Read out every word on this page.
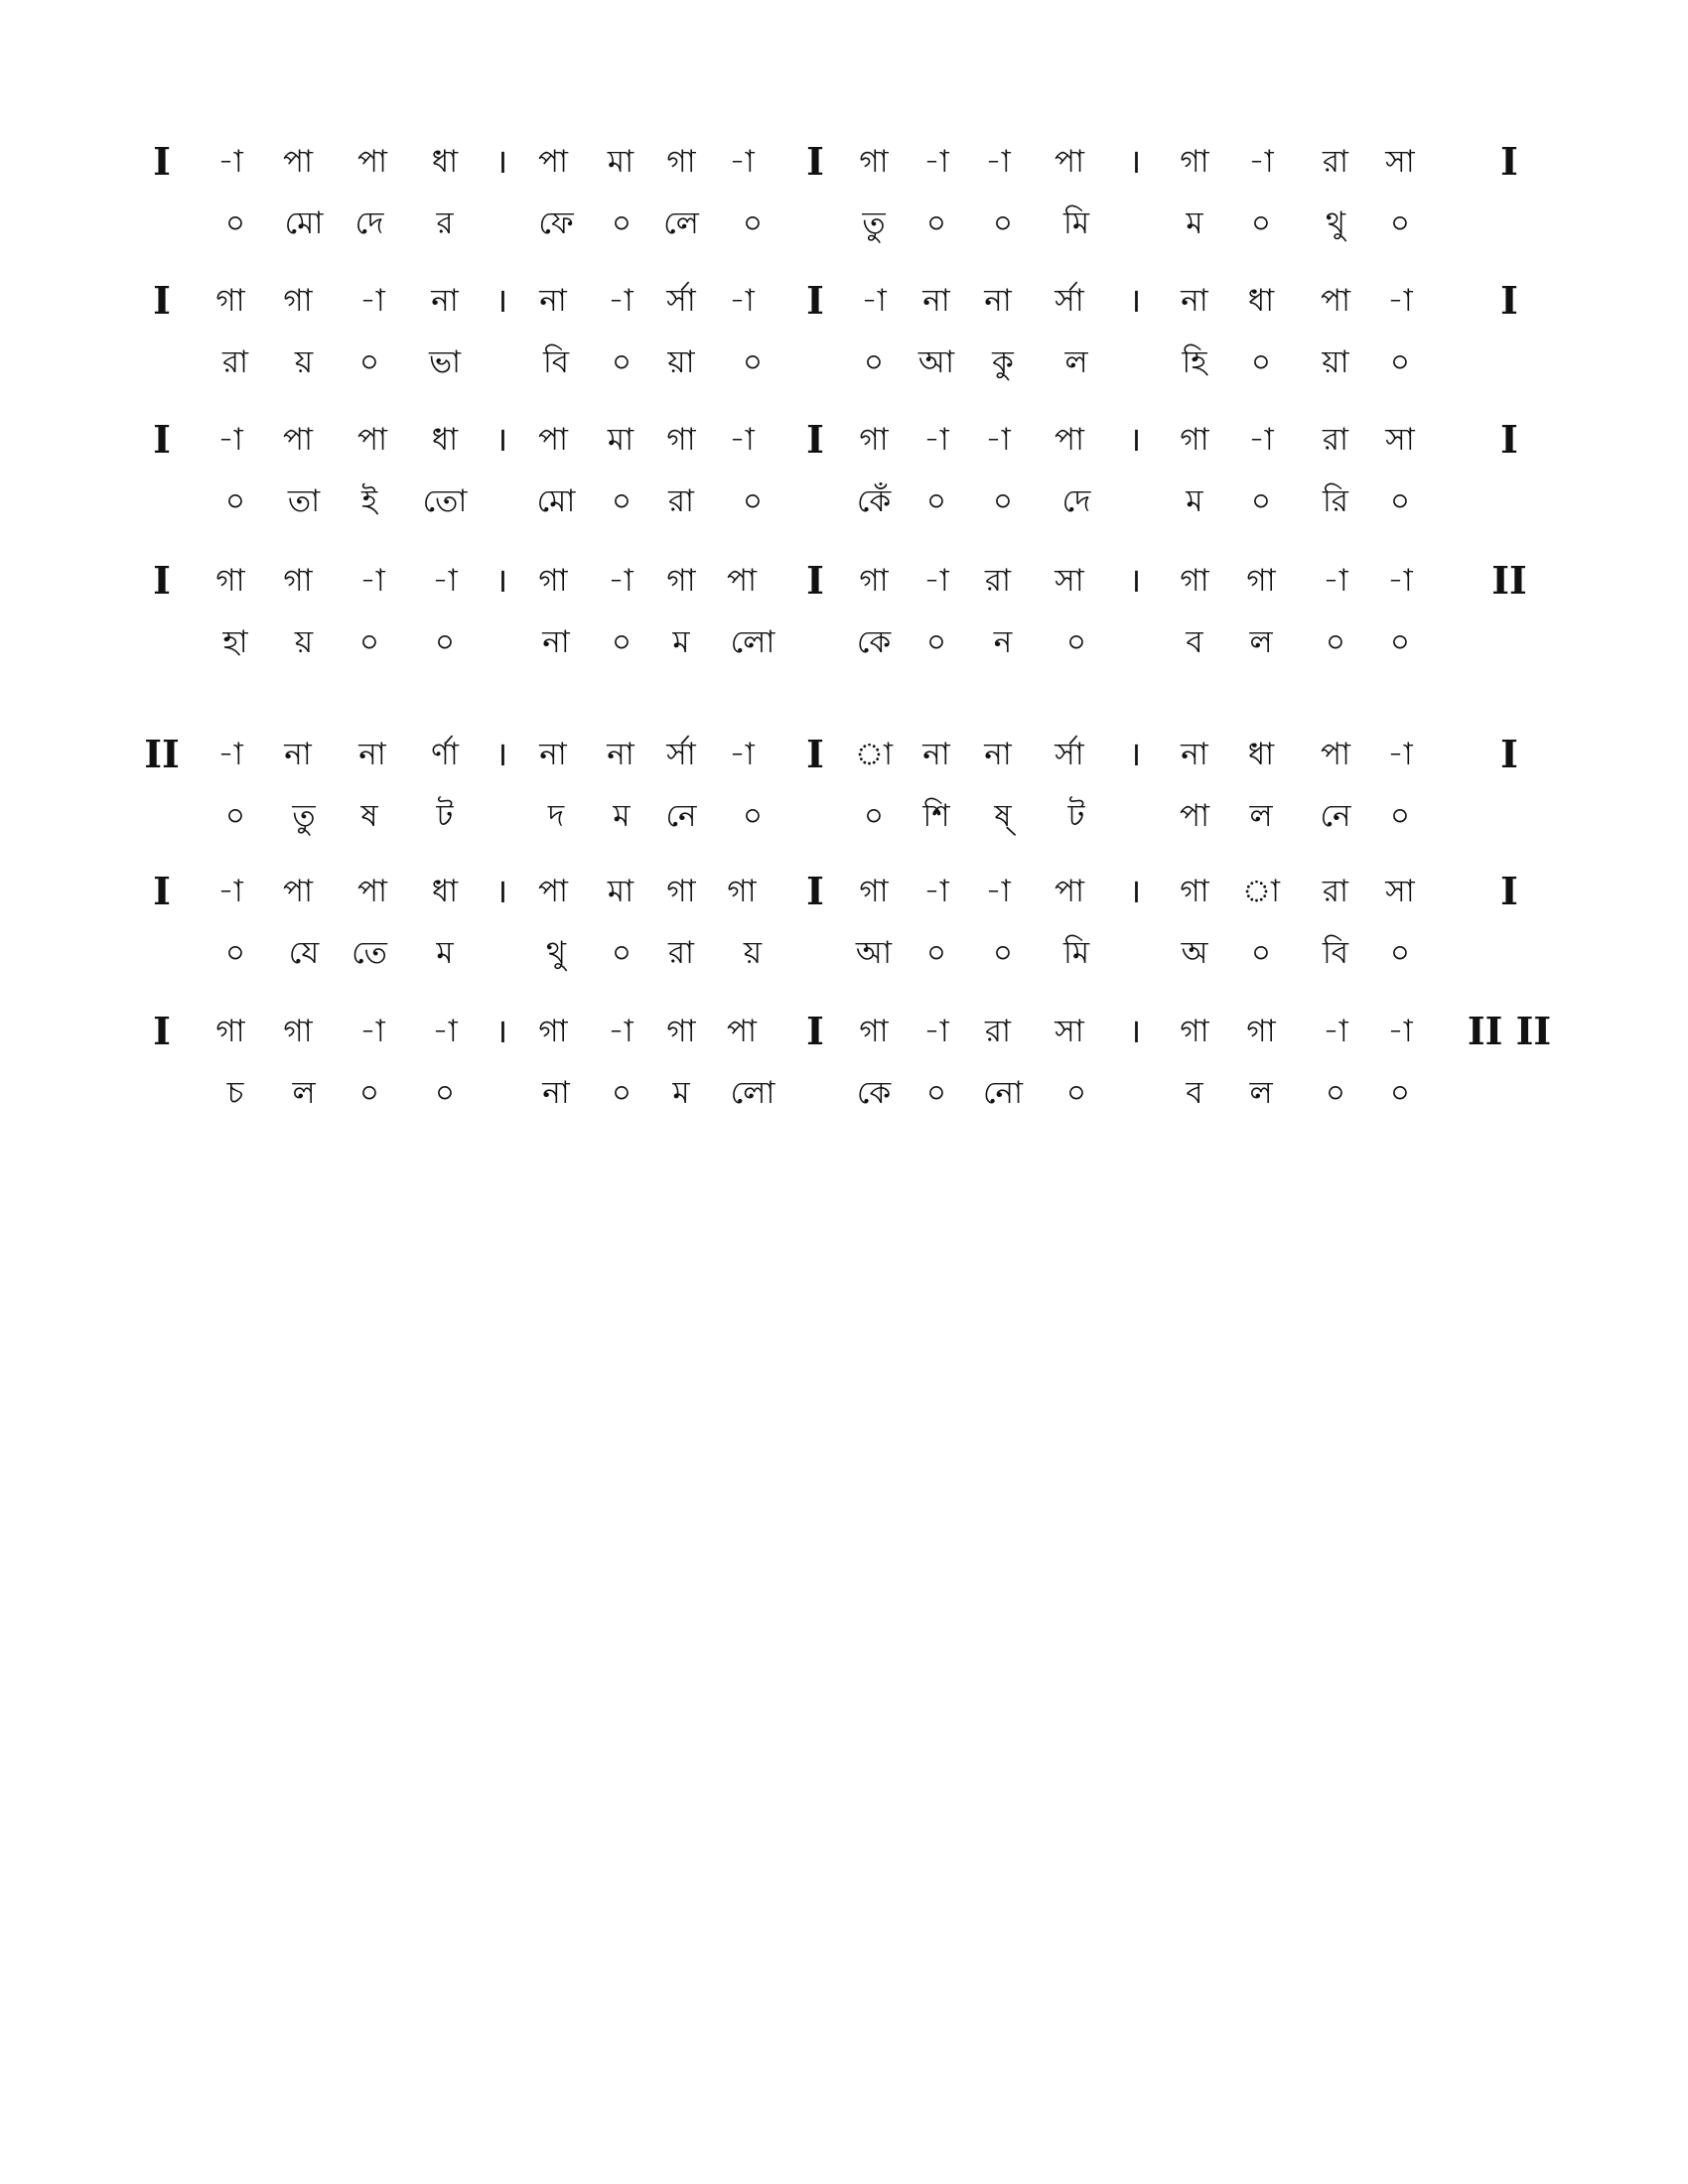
I -া পা পা ধা । পা মা গা -া I গা -া -া পা । গা -া রা সা I
০ মো দে র	ফে ০ লে ০	তু ০ ০ মি	ম ০ থু ০
I গা গা -া না । না -া র্সা -া I -া না না র্সা । না ধা পা -া I
রা য় ০ ভা	বি ০ য়া ০	০ আ কু ল	হি ০ য়া ০
I -া পা পা ধা । পা মা গা -া I গা -া -া পা । গা -া রা সা I
০ তা ই তো মো ০ রা ০	কেঁ ০ ০ দে	ম ০ রি ০
I গা গা -া -া । গা -া গা পা I গা -া রা সা । গা গা -া -া II
হা য় ০ ০	না ০ ম লো	কে ০ ন ০	ব ল ০ ০
II -া না না র্ণা । না না র্সা -া I া না না র্সা । না ধা পা -া I
০ তু ষ ট	দ ম নে ০	০ শি ষ্ ট	পা ল নে ০
I -া পা পা ধা । পা মা গা গা I গা -া -া পা । গা া রা সা I
০ যে তে ম	থু ০ রা য়	আ ০ ০ মি	অ ০ বি ০
I গা গা -া -া । গা -া গা পা I গা -া রা সা । গা গা -া -া II II
চ ল ০ ০	না ০ ম লো	কে ০ নো ০	ব ল ০ ০
